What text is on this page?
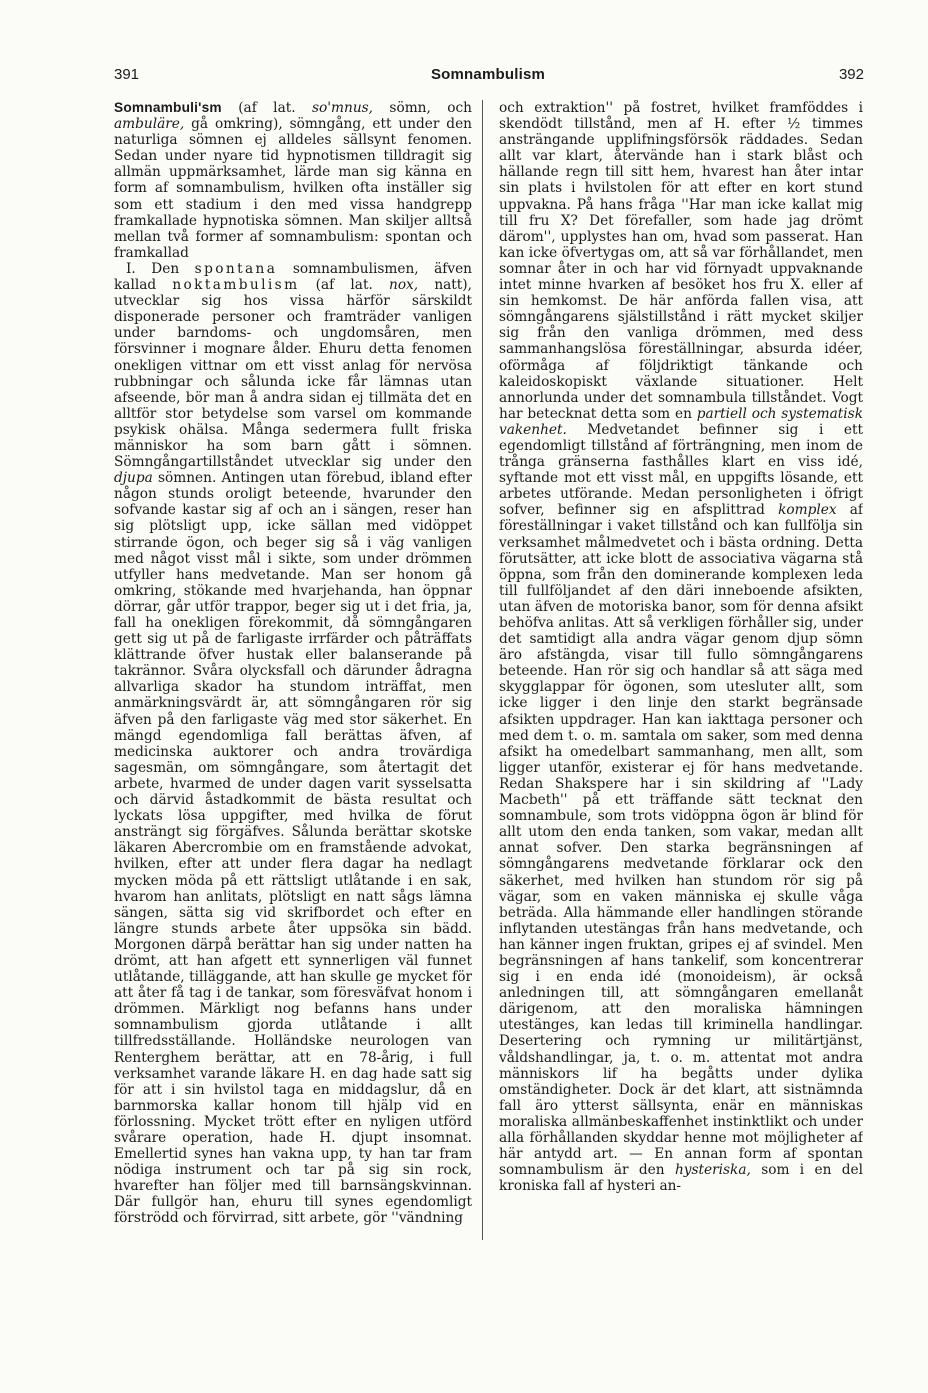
391	Somnambulism	392

Somnambuli'sm (af lat. so'mnus, sömn, och ambuläre, gå omkring), sömngång, ett under den naturliga sömnen ej alldeles sällsynt fenomen. Sedan under nyare tid hypnotismen tilldragit sig allmän uppmärksamhet, lärde man sig känna en form af somnambulism, hvilken ofta inställer sig som ett stadium i den med vissa handgrepp framkallade hypnotiska sömnen. Man skiljer alltså mellan två former af somnambulism: spontan och framkallad

I. Den spontana somnambulismen, äfven kallad noktambulism (af lat. nox, natt), utvecklar sig hos vissa härför särskildt disponerade personer och framträder vanligen under barndoms- och ungdomsåren, men försvinner i mognare ålder. Ehuru detta fenomen onekligen vittnar om ett visst anlag för nervösa rubbningar och sålunda icke får lämnas utan afseende, bör man å andra sidan ej tillmäta det en alltför stor betydelse som varsel om kommande psykisk ohälsa. Många sedermera fullt friska människor ha som barn gått i sömnen. Sömngångartillståndet utvecklar sig under den djupa sömnen. Antingen utan förebud, ibland efter någon stunds oroligt beteende, hvarunder den sofvande kastar sig af och an i sängen, reser han sig plötsligt upp, icke sällan med vidöppet stirrande ögon, och beger sig så i väg vanligen med något visst mål i sikte, som under drömmen utfyller hans medvetande. Man ser honom gå omkring, stökande med hvarjehanda, han öppnar dörrar, går utför trappor, beger sig ut i det fria, ja, fall ha onekligen förekommit, då sömngångaren gett sig ut på de farligaste irrfärder och påträffats klättrande öfver hustak eller balanserande på takrännor. Svåra olycksfall och därunder ådragna allvarliga skador ha stundom inträffat, men anmärkningsvärdt är, att sömngångaren rör sig äfven på den farligaste väg med stor säkerhet. En mängd egendomliga fall berättas äfven, af medicinska auktorer och andra trovärdiga sagesmän, om sömngångare, som återtagit det arbete, hvarmed de under dagen varit sysselsatta och därvid åstadkommit de bästa resultat och lyckats lösa uppgifter, med hvilka de förut ansträngt sig förgäfves. Sålunda berättar skotske läkaren Abercrombie om en framstående advokat, hvilken, efter att under flera dagar ha nedlagt mycken möda på ett rättsligt utlåtande i en sak, hvarom han anlitats, plötsligt en natt sågs lämna sängen, sätta sig vid skrifbordet och efter en längre stunds arbete åter uppsöka sin bädd. Morgonen därpå berättar han sig under natten ha drömt, att han afgett ett synnerligen väl funnet utlåtande, tilläggande, att han skulle ge mycket för att åter få tag i de tankar, som föresväfvat honom i drömmen. Märkligt nog befanns hans under somnambulism gjorda utlåtande i allt tillfredsställande. Holländske neurologen van Renterghem berättar, att en 78-årig, i full verksamhet varande läkare H. en dag hade satt sig för att i sin hvilstol taga en middagslur, då en barnmorska kallar honom till hjälp vid en förlossning. Mycket trött efter en nyligen utförd svårare operation, hade H. djupt insomnat. Emellertid synes han vakna upp, ty han tar fram nödiga instrument och tar på sig sin rock, hvarefter han följer med till barnsängskvinnan. Där fullgör han, ehuru till synes egendomligt förströdd och förvirrad, sitt arbete, gör ''vändning

och extraktion'' på fostret, hvilket framföddes i skendödt tillstånd, men af H. efter ½ timmes ansträngande upplifningsförsök räddades. Sedan allt var klart, återvände han i stark blåst och hällande regn till sitt hem, hvarest han åter intar sin plats i hvilstolen för att efter en kort stund uppvakna. På hans fråga ''Har man icke kallat mig till fru X? Det förefaller, som hade jag drömt därom'', upplystes han om, hvad som passerat. Han kan icke öfvertygas om, att så var förhållandet, men somnar åter in och har vid förnyadt uppvaknande intet minne hvarken af besöket hos fru X. eller af sin hemkomst. De här anförda fallen visa, att sömngångarens själstillstånd i rätt mycket skiljer sig från den vanliga drömmen, med dess sammanhangslösa föreställningar, absurda idéer, oförmåga af följdriktigt tänkande och kaleidoskopiskt växlande situationer. Helt annorlunda under det somnambula tillståndet. Vogt har betecknat detta som en partiell och systematisk vakenhet. Medvetandet befinner sig i ett egendomligt tillstånd af förträngning, men inom de trånga gränserna fasthålles klart en viss idé, syftande mot ett visst mål, en uppgifts lösande, ett arbetes utförande. Medan personligheten i öfrigt sofver, befinner sig en afsplittrad komplex af föreställningar i vaket tillstånd och kan fullfölja sin verksamhet målmedvetet och i bästa ordning. Detta förutsätter, att icke blott de associativa vägarna stå öppna, som från den dominerande komplexen leda till fullföljandet af den däri inneboende afsikten, utan äfven de motoriska banor, som för denna afsikt behöfva anlitas. Att så verkligen förhåller sig, under det samtidigt alla andra vägar genom djup sömn äro afstängda, visar till fullo sömngångarens beteende. Han rör sig och handlar så att säga med skygglappar för ögonen, som utesluter allt, som icke ligger i den linje den starkt begränsade afsikten uppdrager. Han kan iakttaga personer och med dem t. o. m. samtala om saker, som med denna afsikt ha omedelbart sammanhang, men allt, som ligger utanför, existerar ej för hans medvetande. Redan Shakspere har i sin skildring af ''Lady Macbeth'' på ett träffande sätt tecknat den somnambule, som trots vidöppna ögon är blind för allt utom den enda tanken, som vakar, medan allt annat sofver. Den starka begränsningen af sömngångarens medvetande förklarar ock den säkerhet, med hvilken han stundom rör sig på vägar, som en vaken människa ej skulle våga beträda. Alla hämmande eller handlingen störande inflytanden utestängas från hans medvetande, och han känner ingen fruktan, gripes ej af svindel. Men begränsningen af hans tankelif, som koncentrerar sig i en enda idé (monoideism), är också anledningen till, att sömngångaren emellanåt därigenom, att den moraliska hämningen utestänges, kan ledas till kriminella handlingar. Desertering och rymning ur militärtjänst, våldshandlingar, ja, t. o. m. attentat mot andra människors lif ha begåtts under dylika omständigheter. Dock är det klart, att sistnämnda fall äro ytterst sällsynta, enär en människas moraliska allmänbeskaffenhet instinktlikt och under alla förhållanden skyddar henne mot möjligheter af här antydd art. — En annan form af spontan somnambulism är den hysteriska, som i en del kroniska fall af hysteri an-
